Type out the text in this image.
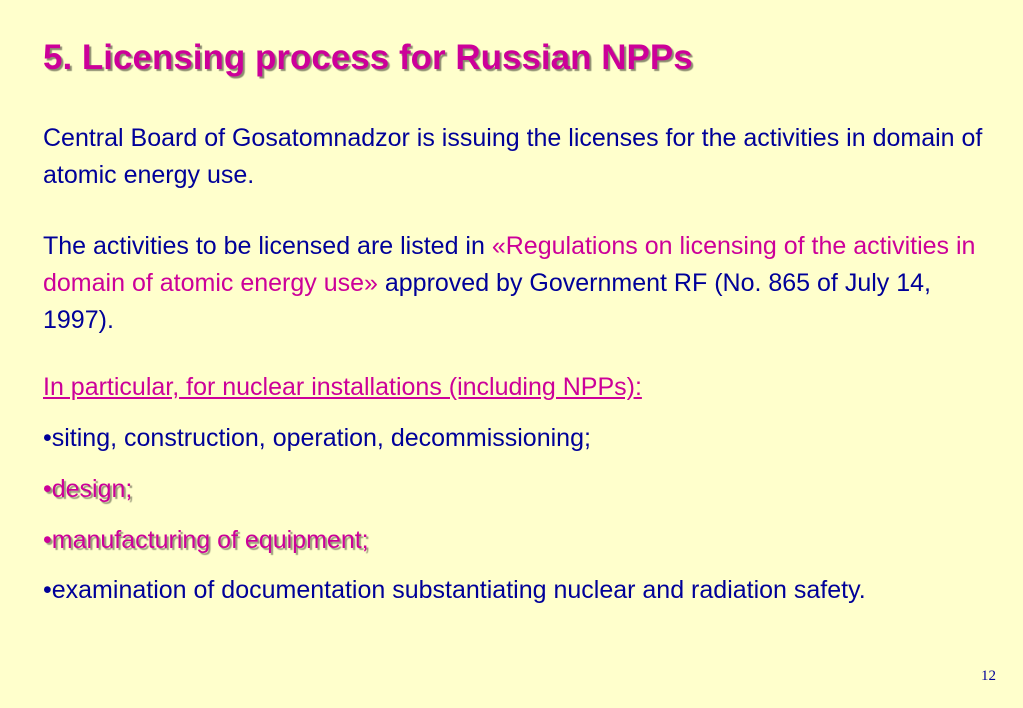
5. Licensing process for Russian NPPs

Central Board of Gosatomnadzor is issuing the licenses for the activities in domain of atomic energy use.

The activities to be licensed are listed in «Regulations on licensing of the activities in domain of atomic energy use» approved by Government RF (No. 865 of July 14, 1997).

In particular, for nuclear installations (including NPPs):

•siting, construction, operation, decommissioning;

•design;

•manufacturing of equipment;

•examination of documentation substantiating nuclear and radiation safety.

12
